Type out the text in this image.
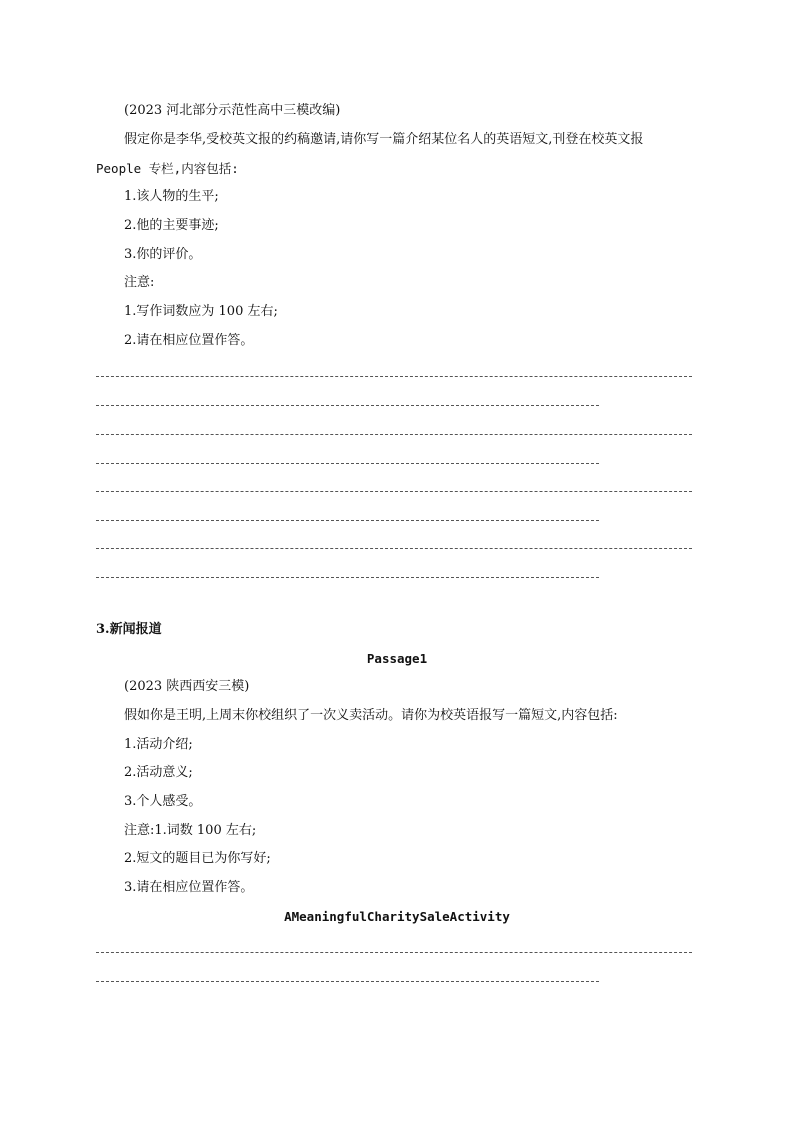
(2023 河北部分示范性高中三模改编)
假定你是李华,受校英文报的约稿邀请,请你写一篇介绍某位名人的英语短文,刊登在校英文报
People 专栏,内容包括:
1.该人物的生平;
2.他的主要事迹;
3.你的评价。
注意:
1.写作词数应为 100 左右;
2.请在相应位置作答。
3.新闻报道
Passage1
(2023 陕西西安三模)
假如你是王明,上周末你校组织了一次义卖活动。请你为校英语报写一篇短文,内容包括:
1.活动介绍;
2.活动意义;
3.个人感受。
注意:1.词数 100 左右;
2.短文的题目已为你写好;
3.请在相应位置作答。
AMeaningfulCharitySaleActivity
